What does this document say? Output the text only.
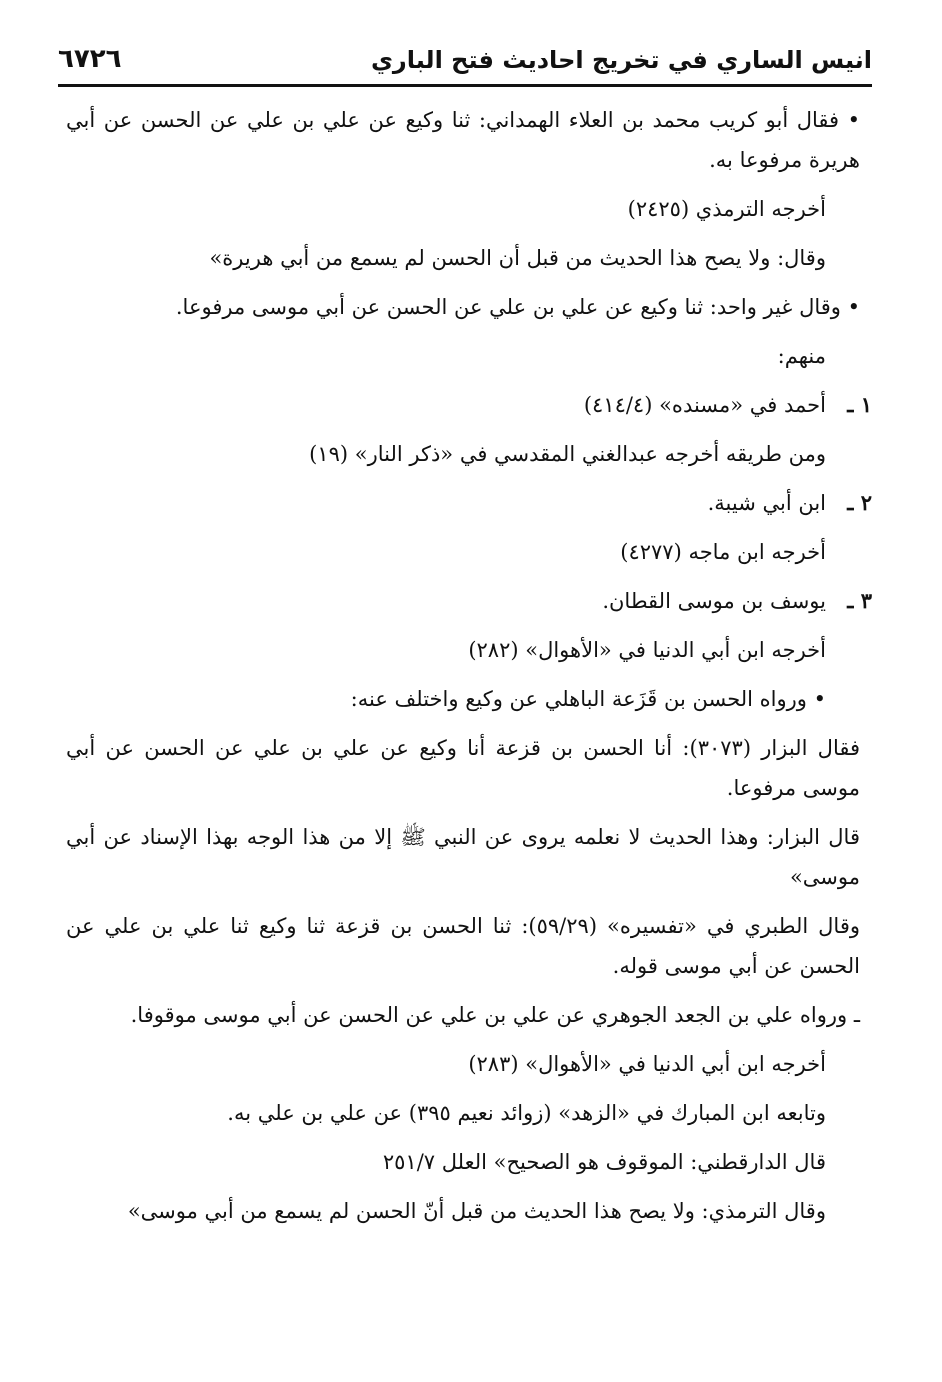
انيس الساري في تخريج احاديث فتح الباري
٦٧٢٦

• فقال أبو كريب محمد بن العلاء الهمداني: ثنا وكيع عن علي بن علي عن الحسن عن أبي هريرة مرفوعا به.

أخرجه الترمذي (٢٤٢٥)

وقال: ولا يصح هذا الحديث من قبل أن الحسن لم يسمع من أبي هريرة»

• وقال غير واحد: ثنا وكيع عن علي بن علي عن الحسن عن أبي موسى مرفوعا.

منهم:

١ ـ
أحمد في «مسنده» (٤١٤/٤)

ومن طريقه أخرجه عبدالغني المقدسي في «ذكر النار» (١٩)

٢ ـ
ابن أبي شيبة.

أخرجه ابن ماجه (٤٢٧٧)

٣ ـ
يوسف بن موسى القطان.

أخرجه ابن أبي الدنيا في «الأهوال» (٢٨٢)

• ورواه الحسن بن قَزَعة الباهلي عن وكيع واختلف عنه:

فقال البزار (٣٠٧٣): أنا الحسن بن قزعة أنا وكيع عن علي بن علي عن الحسن عن أبي موسى مرفوعا.

قال البزار: وهذا الحديث لا نعلمه يروى عن النبي ﷺ إلا من هذا الوجه بهذا الإسناد عن أبي موسى»

وقال الطبري في «تفسيره» (٥٩/٢٩): ثنا الحسن بن قزعة ثنا وكيع ثنا علي بن علي عن الحسن عن أبي موسى قوله.

ـ ورواه علي بن الجعد الجوهري عن علي بن علي عن الحسن عن أبي موسى موقوفا.

أخرجه ابن أبي الدنيا في «الأهوال» (٢٨٣)

وتابعه ابن المبارك في «الزهد» (زوائد نعيم ٣٩٥) عن علي بن علي به.

قال الدارقطني: الموقوف هو الصحيح» العلل ٢٥١/٧

وقال الترمذي: ولا يصح هذا الحديث من قبل أنّ الحسن لم يسمع من أبي موسى»
